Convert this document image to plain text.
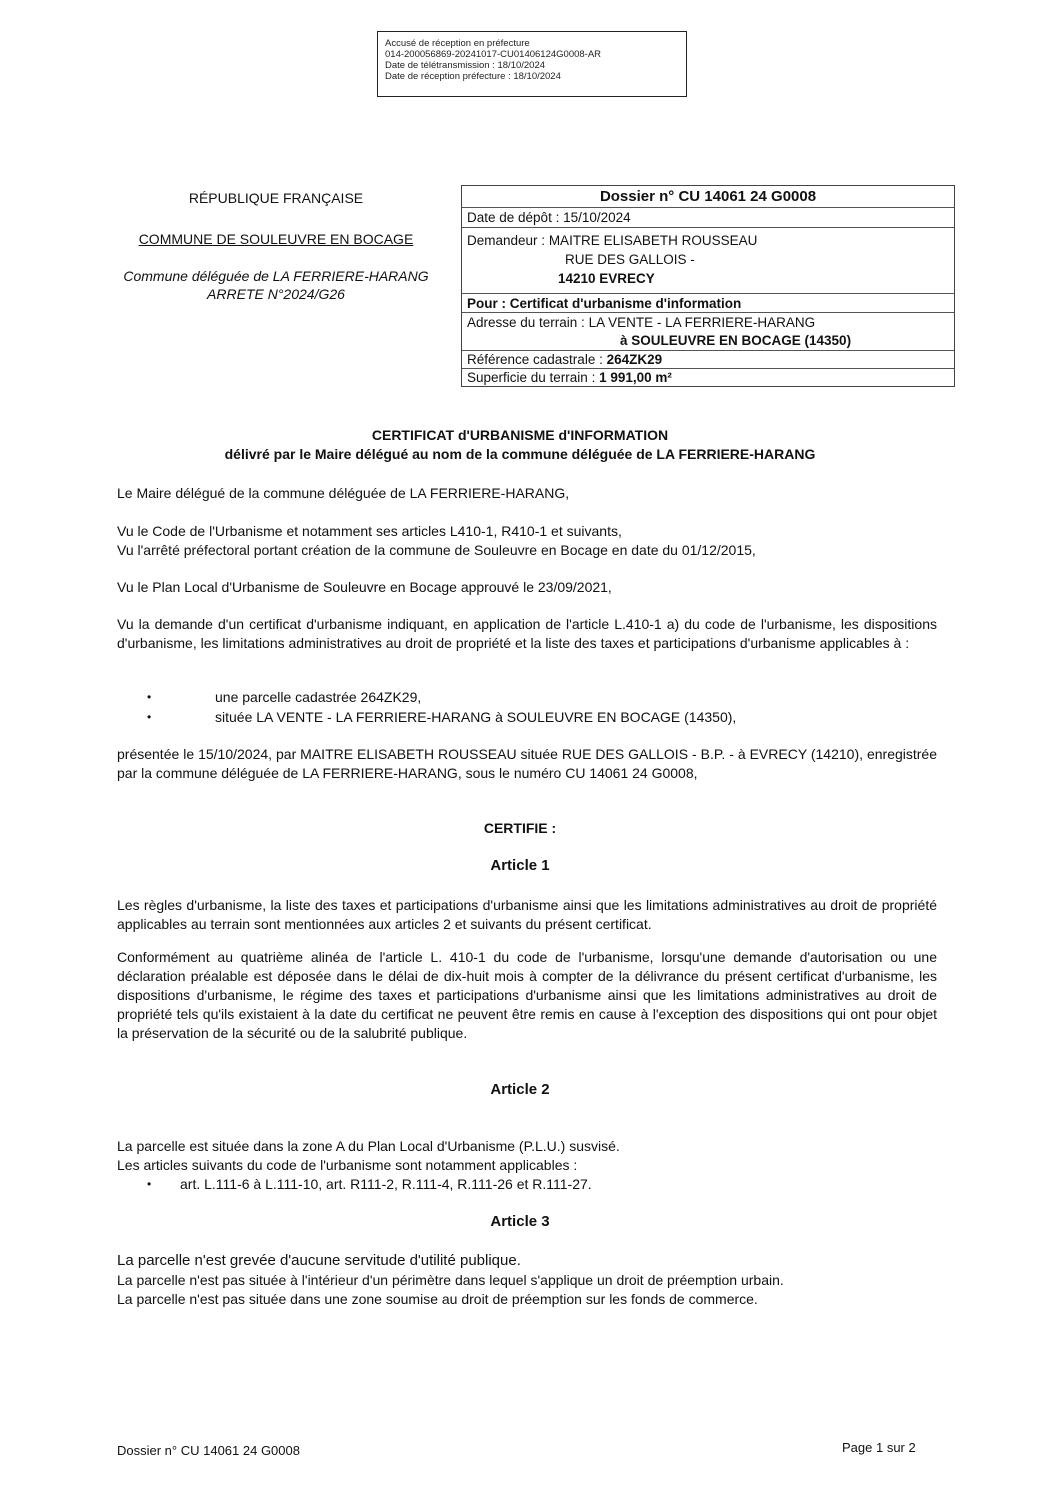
Accusé de réception en préfecture
014-200056869-20241017-CU01406124G0008-AR
Date de télétransmission : 18/10/2024
Date de réception préfecture : 18/10/2024
RÉPUBLIQUE FRANÇAISE
COMMUNE DE SOULEUVRE EN BOCAGE
Commune déléguée de LA FERRIERE-HARANG
ARRETE N°2024/G26
Dossier n° CU 14061 24 G0008
Date de dépôt : 15/10/2024
Demandeur : MAITRE ELISABETH ROUSSEAU
RUE DES GALLOIS -
14210 EVRECY
Pour : Certificat d'urbanisme d'information
Adresse du terrain : LA VENTE - LA FERRIERE-HARANG
à SOULEUVRE EN BOCAGE (14350)
Référence cadastrale : 264ZK29
Superficie du terrain : 1 991,00 m²
CERTIFICAT d'URBANISME d'INFORMATION
délivré par le Maire délégué au nom de la commune déléguée de LA FERRIERE-HARANG
Le Maire délégué de la commune déléguée de LA FERRIERE-HARANG,
Vu le Code de l'Urbanisme et notamment ses articles L410-1, R410-1 et suivants,
Vu l'arrêté préfectoral portant création de la commune de Souleuvre en Bocage en date du 01/12/2015,
Vu le Plan Local d'Urbanisme de Souleuvre en Bocage approuvé le 23/09/2021,
Vu la demande d'un certificat d'urbanisme indiquant, en application de l'article L.410-1 a) du code de l'urbanisme, les dispositions d'urbanisme, les limitations administratives au droit de propriété et la liste des taxes et participations d'urbanisme applicables à :
•	une parcelle cadastrée 264ZK29,
•	située LA VENTE - LA FERRIERE-HARANG à SOULEUVRE EN BOCAGE (14350),
présentée le 15/10/2024, par MAITRE ELISABETH ROUSSEAU située RUE DES GALLOIS - B.P. - à EVRECY (14210), enregistrée par la commune déléguée de LA FERRIERE-HARANG, sous le numéro CU 14061 24 G0008,
CERTIFIE :
Article 1
Les règles d'urbanisme, la liste des taxes et participations d'urbanisme ainsi que les limitations administratives au droit de propriété applicables au terrain sont mentionnées aux articles 2 et suivants du présent certificat.
Conformément au quatrième alinéa de l'article L. 410-1 du code de l'urbanisme, lorsqu'une demande d'autorisation ou une déclaration préalable est déposée dans le délai de dix-huit mois à compter de la délivrance du présent certificat d'urbanisme, les dispositions d'urbanisme, le régime des taxes et participations d'urbanisme ainsi que les limitations administratives au droit de propriété tels qu'ils existaient à la date du certificat ne peuvent être remis en cause à l'exception des dispositions qui ont pour objet la préservation de la sécurité ou de la salubrité publique.
Article 2
La parcelle est située dans la zone A du Plan Local d'Urbanisme (P.L.U.) susvisé.
Les articles suivants du code de l'urbanisme sont notamment applicables :
• art. L.111-6 à L.111-10, art. R111-2, R.111-4, R.111-26 et R.111-27.
Article 3
La parcelle n'est grevée d'aucune servitude d'utilité publique.
La parcelle n'est pas située à l'intérieur d'un périmètre dans lequel s'applique un droit de préemption urbain.
La parcelle n'est pas située dans une zone soumise au droit de préemption sur les fonds de commerce.
Dossier n° CU 14061 24 G0008	Page 1 sur 2
